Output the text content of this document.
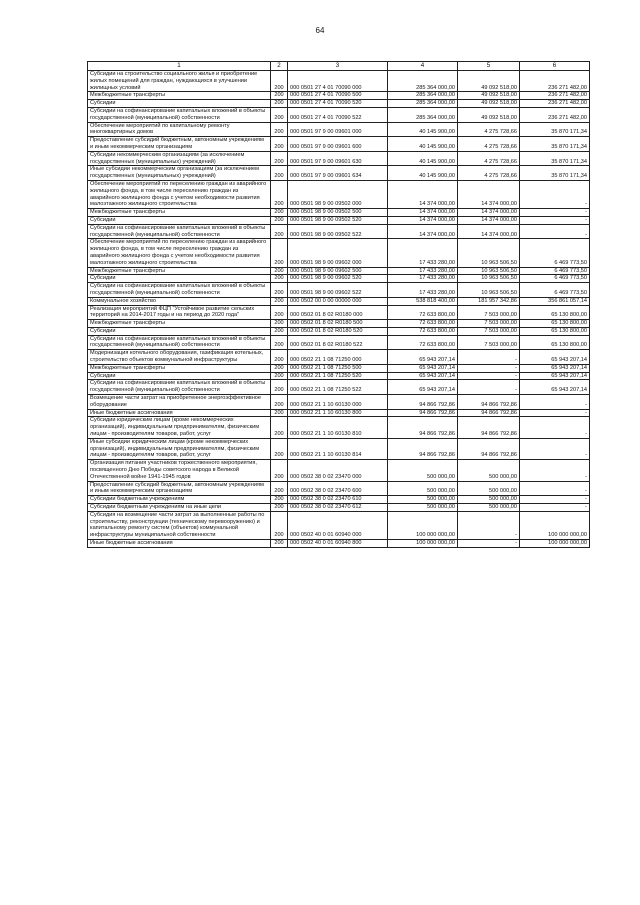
64
1	2	3	4	5	6
Субсидии на строительство социального жилья и приобретение жилых помещений для граждан, нуждающихся в улучшении жилищных условий	200	000 0501 27 4 01 70090 000	285 364 000,00	49 092 518,00	236 271 482,00
Межбюджетные трансферты	200	000 0501 27 4 01 70090 500	285 364 000,00	49 092 518,00	236 271 482,00
Субсидии	200	000 0501 27 4 01 70090 520	285 364 000,00	49 092 518,00	236 271 482,00
Субсидии на софинансирование капитальных вложений в объекты государственной (муниципальной) собственности	200	000 0501 27 4 01 70090 522	285 364 000,00	49 092 518,00	236 271 482,00
Обеспечение мероприятий по капитальному ремонту многоквартирных домов	200	000 0501 97 9 00 09601 000	40 145 900,00	4 275 728,66	35 870 171,34
Предоставление субсидий бюджетным, автономным учреждениям и иным некоммерческим организациям	200	000 0501 97 9 00 09601 600	40 145 900,00	4 275 728,66	35 870 171,34
Субсидии некоммерческим организациям (за исключением государственных (муниципальных) учреждений)	200	000 0501 97 9 00 09601 630	40 145 900,00	4 275 728,66	35 870 171,34
Иные субсидии некоммерческим организациям (за исключением государственных (муниципальных) учреждений)	200	000 0501 97 9 00 09601 634	40 145 900,00	4 275 728,66	35 870 171,34
Обеспечение мероприятий по переселению граждан из аварийного жилищного фонда, в том числе переселению граждан из аварийного жилищного фонда с учетом необходимости развития малоэтажного жилищного строительства	200	000 0501 98 9 00 09502 000	14 374 000,00	14 374 000,00	-
Межбюджетные трансферты	200	000 0501 98 9 00 09502 500	14 374 000,00	14 374 000,00	-
Субсидии	200	000 0501 98 9 00 09502 520	14 374 000,00	14 374 000,00	-
Субсидии на софинансирование капитальных вложений в объекты государственной (муниципальной) собственности	200	000 0501 98 9 00 09502 522	14 374 000,00	14 374 000,00	-
Обеспечение мероприятий по переселению граждан из аварийного жилищного фонда, в том числе переселению граждан из аварийного жилищного фонда с учетом необходимости развития малоэтажного жилищного строительства	200	000 0501 98 9 00 09602 000	17 433 280,00	10 963 506,50	6 469 773,50
Межбюджетные трансферты	200	000 0501 98 9 00 09602 500	17 433 280,00	10 963 506,50	6 469 773,50
Субсидии	200	000 0501 98 9 00 09602 520	17 433 280,00	10 963 506,50	6 469 773,50
Субсидии на софинансирование капитальных вложений в объекты государственной (муниципальной) собственности	200	000 0501 98 9 00 09602 522	17 433 280,00	10 963 506,50	6 469 773,50
Коммунальное хозяйство	200	000 0502 00 0 00 00000 000	538 818 400,00	181 957 342,86	356 861 057,14
Реализация мероприятий ФЦП "Устойчивое развитие сельских территорий на 2014-2017 годы и на период до 2020 года"	200	000 0502 01 8 02 R0180 000	72 633 800,00	7 503 000,00	65 130 800,00
Межбюджетные трансферты	200	000 0502 01 8 02 R0180 500	72 633 800,00	7 503 000,00	65 130 800,00
Субсидии	200	000 0502 01 8 02 R0180 520	72 633 800,00	7 503 000,00	65 130 800,00
Субсидии на софинансирование капитальных вложений в объекты государственной (муниципальной) собственности	200	000 0502 01 8 02 R0180 522	72 633 800,00	7 503 000,00	65 130 800,00
Модернизация котельного оборудования, газификация котельных, строительство объектов коммунальной инфраструктуры	200	000 0502 21 1 08 71250 000	65 943 207,14	-	65 943 207,14
Межбюджетные трансферты	200	000 0502 21 1 08 71250 500	65 943 207,14	-	65 943 207,14
Субсидии	200	000 0502 21 1 08 71250 520	65 943 207,14	-	65 943 207,14
Субсидии на софинансирование капитальных вложений в объекты государственной (муниципальной) собственности	200	000 0502 21 1 08 71250 522	65 943 207,14	-	65 943 207,14
Возмещение части затрат на приобретенное энергоэффективное оборудование	200	000 0502 21 1 10 60130 000	94 866 792,86	94 866 792,86	-
Иные бюджетные ассигнования	200	000 0502 21 1 10 60130 800	94 866 792,86	94 866 792,86	-
Субсидии юридическим лицам (кроме некоммерческих организаций), индивидуальным предпринимателям, физическим лицам - производителям товаров, работ, услуг	200	000 0502 21 1 10 60130 810	94 866 792,86	94 866 792,86	-
Иные субсидии юридическим лицам (кроме некоммерческих организаций), индивидуальным предпринимателям, физическим лицам - производителям товаров, работ, услуг	200	000 0502 21 1 10 60130 814	94 866 792,86	94 866 792,86	-
Организация питания участников торжественного мероприятия, посвященного Дню Победы советского народа в Великой Отечественной войне 1941-1945 годов	200	000 0502 38 0 02 23470 000	500 000,00	500 000,00	-
Предоставление субсидий бюджетным, автономным учреждениям и иным некоммерческим организациям	200	000 0502 38 0 02 23470 600	500 000,00	500 000,00	-
Субсидии бюджетным учреждениям	200	000 0502 38 0 02 23470 610	500 000,00	500 000,00	-
Субсидии бюджетным учреждениям на иные цели	200	000 0502 38 0 02 23470 612	500 000,00	500 000,00	-
Субсидия на возмещение части затрат за выполненные работы по строительству, реконструкции (техническому перевооружению) и капитальному ремонту систем (объектов) коммунальной инфраструктуры муниципальной собственности	200	000 0502 40 0 01 60940 000	100 000 000,00	-	100 000 000,00
Иные бюджетные ассигнования	200	000 0502 40 0 01 60940 800	100 000 000,00	-	100 000 000,00
